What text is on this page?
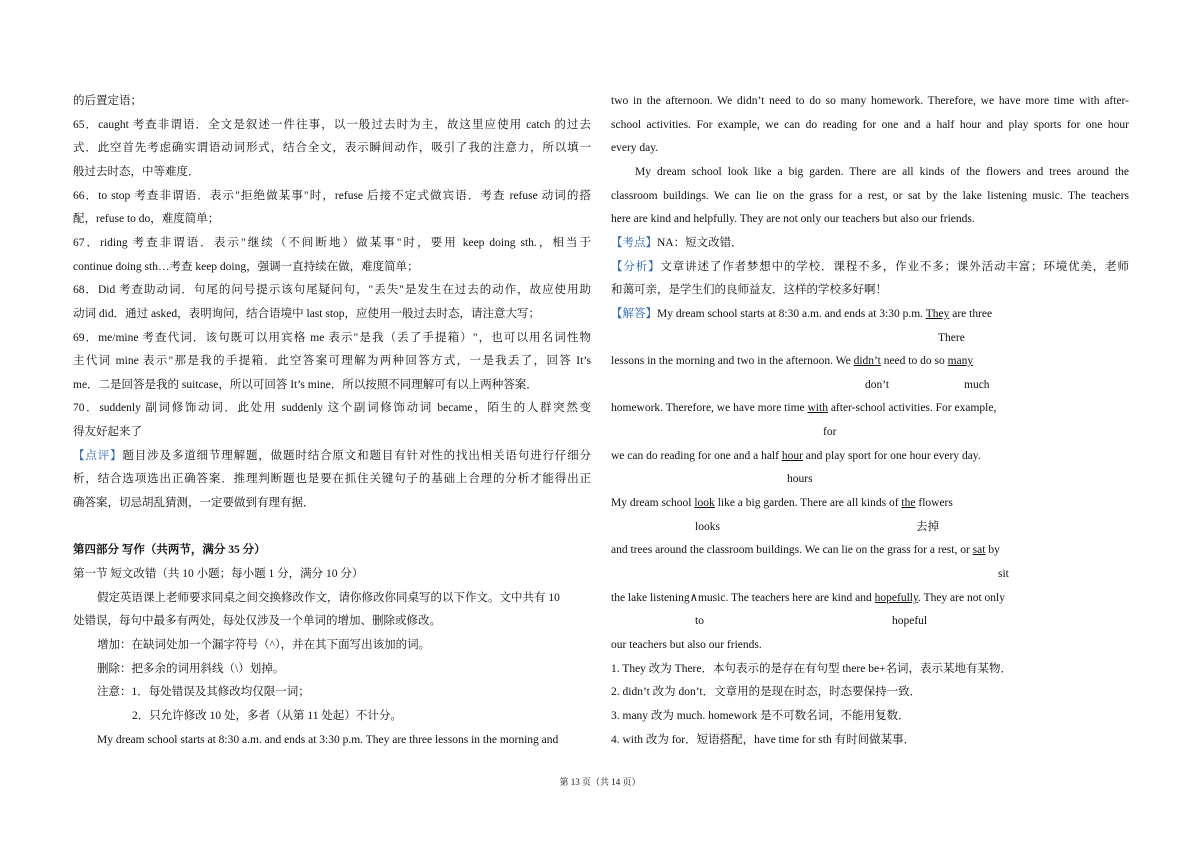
的后置定语；
65．caught 考查非谓语．全文是叙述一件往事，以一般过去时为主，故这里应使用 catch 的过去
式．此空首先考虑确实谓语动词形式，结合全文，表示瞬间动作，吸引了我的注意力，所以填一
般过去时态，中等难度．
66．to stop 考查非谓语．表示"拒绝做某事"时，refuse 后接不定式做宾语．考查 refuse 动词的搭
配，refuse to do，难度简单；
67．riding 考查非谓语．表示"继续（不间断地）做某事"时，要用 keep doing sth.，相当于
continue doing sth…考查 keep doing，强调一直持续在做，难度简单；
68．Did 考查助动词．句尾的问号提示该句尾疑问句，"丢失"是发生在过去的动作，故应使用助
动词 did．通过 asked，表明询问，结合语境中 last stop，应使用一般过去时态，请注意大写；
69．me/mine 考查代词．该句既可以用宾格 me 表示"是我（丢了手提箱）"，也可以用名词性物
主代词 mine 表示"那是我的手提箱．此空答案可理解为两种回答方式，一是我丢了，回答 It’s
me．二是回答是我的 suitcase，所以可回答 It’s mine．所以按照不同理解可有以上两种答案．
70．suddenly 副词修饰动词．此处用 suddenly 这个副词修饰动词 became，陌生的人群突然变
得友好起来了
【点评】题目涉及多道细节理解题，做题时结合原文和题目有针对性的找出相关语句进行仔细分
析，结合选项选出正确答案．推理判断题也是要在抓住关键句子的基础上合理的分析才能得出正
确答案，切忌胡乱猜测，一定要做到有理有据．
第四部分 写作（共两节，满分 35 分）
第一节 短文改错（共 10 小题；每小题 1 分，满分 10 分）
假定英语课上老师要求同桌之间交换修改作文，请你修改你同桌写的以下作文。文中共有 10
处错误，每句中最多有两处，每处仅涉及一个单词的增加、删除或修改。
增加：在缺词处加一个漏字符号（^），并在其下面写出该加的词。
删除：把多余的词用斜线（\）划掉。
注意：1．每处错误及其修改均仅限一词；
2．只允许修改 10 处，多者（从第 11 处起）不计分。
My dream school starts at 8:30 a.m. and ends at 3:30 p.m. They are three lessons in the morning and
two in the afternoon. We didn’t need to do so many homework. Therefore, we have more time with after-
school activities. For example, we can do reading for one and a half hour and play sports for one hour
every day.
My dream school look like a big garden. There are all kinds of the flowers and trees around the
classroom buildings. We can lie on the grass for a rest, or sat by the lake listening music. The teachers
here are kind and helpfully. They are not only our teachers but also our friends.
【考点】NA：短文改错．
【分析】文章讲述了作者梦想中的学校．课程不多，作业不多；课外活动丰富；环境优美，老师
和蔼可亲，是学生们的良师益友．这样的学校多好啊！
【解答】My dream school starts at 8:30 a.m. and ends at 3:30 p.m. They are three
There
lessons in the morning and two in the afternoon. We didn’t need to do so many
don’t	much
homework. Therefore, we have more time with after-school activities. For example,
for
we can do reading for one and a half hour and play sport for one hour every day.
hours
My dream school look like a big garden. There are all kinds of the flowers
looks	去掉
and trees around the classroom buildings. We can lie on the grass for a rest, or sat by
sit
the lake listening∧music. The teachers here are kind and hopefully. They are not only
to	hopeful
our teachers but also our friends.
1. They 改为 There．本句表示的是存在有句型 there be+名词，表示某地有某物．
2. didn’t 改为 don’t．文章用的是现在时态，时态要保持一致．
3. many 改为 much. homework 是不可数名词，不能用复数．
4. with 改为 for．短语搭配，have time for sth 有时间做某事．
第 13 页（共 14 页）
